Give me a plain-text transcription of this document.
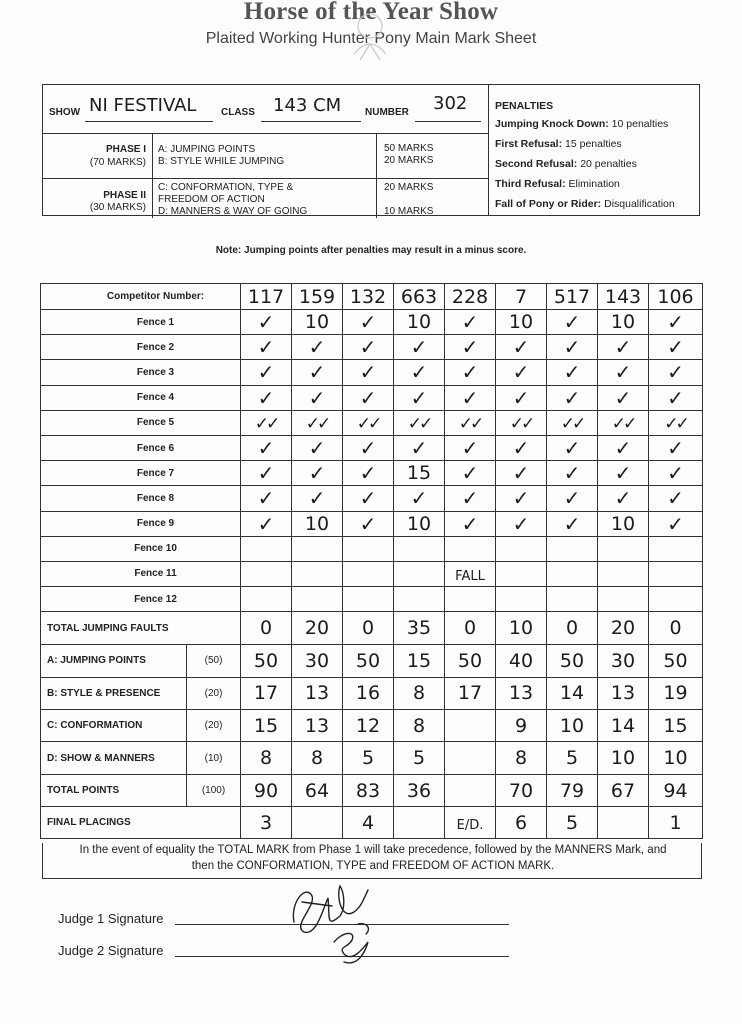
Horse of the Year Show
Plaited Working Hunter Pony Main Mark Sheet
SHOW NI FESTIVAL CLASS 143 CM NUMBER 302
PHASE I
(70 MARKS)
A: JUMPING POINTS
B: STYLE WHILE JUMPING
50 MARKS
20 MARKS
PHASE II
(30 MARKS)
C: CONFORMATION, TYPE &
FREEDOM OF ACTION
D: MANNERS & WAY OF GOING
20 MARKS
10 MARKS
PENALTIES
Jumping Knock Down: 10 penalties
First Refusal: 15 penalties
Second Refusal: 20 penalties
Third Refusal: Elimination
Fall of Pony or Rider: Disqualification
Note: Jumping points after penalties may result in a minus score.
Competitor Number:		117	159	132	663	228	7	517	143	106
Fence 1		✓	10	✓	10	✓	10	✓	10	✓
Fence 2		✓	✓	✓	✓	✓	✓	✓	✓	✓
Fence 3		✓	✓	✓	✓	✓	✓	✓	✓	✓
Fence 4		✓	✓	✓	✓	✓	✓	✓	✓	✓
Fence 5		✓✓	✓✓	✓✓	✓✓	✓✓	✓✓	✓✓	✓✓	✓✓
Fence 6		✓	✓	✓	✓	✓	✓	✓	✓	✓
Fence 7		✓	✓	✓	15	✓	✓	✓	✓	✓
Fence 8		✓	✓	✓	✓	✓	✓	✓	✓	✓
Fence 9		✓	10	✓	10	✓	✓	✓	10	✓
Fence 10										
Fence 11						FALL				
Fence 12										
TOTAL JUMPING FAULTS		0	20	0	35	0	10	0	20	0
A: JUMPING POINTS	(50)	50	30	50	15	50	40	50	30	50
B: STYLE & PRESENCE	(20)	17	13	16	8	17	13	14	13	19
C: CONFORMATION	(20)	15	13	12	8		9	10	14	15
D: SHOW & MANNERS	(10)	8	8	5	5		8	5	10	10
TOTAL POINTS	(100)	90	64	83	36		70	79	67	94
FINAL PLACINGS		3		4		E/D.	6	5		1
In the event of equality the TOTAL MARK from Phase 1 will take precedence, followed by the MANNERS Mark, and
then the CONFORMATION, TYPE and FREEDOM OF ACTION MARK.
Judge 1 Signature
Judge 2 Signature
